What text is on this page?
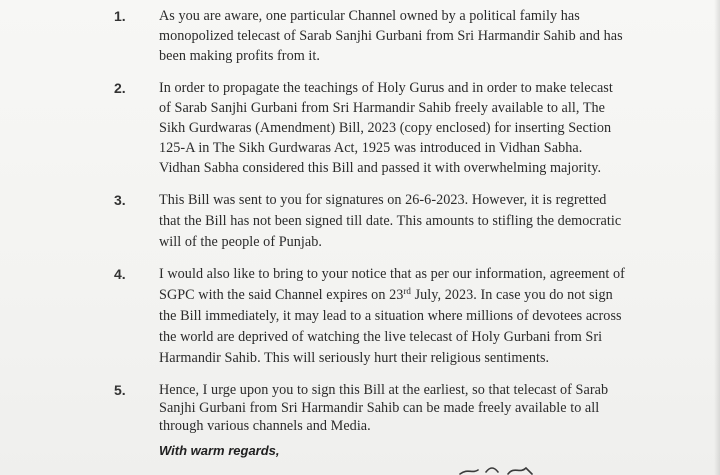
1. As you are aware, one particular Channel owned by a political family has
monopolized telecast of Sarab Sanjhi Gurbani from Sri Harmandir Sahib and has
been making profits from it.
2. In order to propagate the teachings of Holy Gurus and in order to make telecast
of Sarab Sanjhi Gurbani from Sri Harmandir Sahib freely available to all, The
Sikh Gurdwaras (Amendment) Bill, 2023 (copy enclosed) for inserting Section
125-A in The Sikh Gurdwaras Act, 1925 was introduced in Vidhan Sabha.
Vidhan Sabha considered this Bill and passed it with overwhelming majority.
3. This Bill was sent to you for signatures on 26-6-2023. However, it is regretted
that the Bill has not been signed till date. This amounts to stifling the democratic
will of the people of Punjab.
4. I would also like to bring to your notice that as per our information, agreement of
SGPC with the said Channel expires on 23rd July, 2023. In case you do not sign
the Bill immediately, it may lead to a situation where millions of devotees across
the world are deprived of watching the live telecast of Holy Gurbani from Sri
Harmandir Sahib. This will seriously hurt their religious sentiments.
5. Hence, I urge upon you to sign this Bill at the earliest, so that telecast of Sarab
Sanjhi Gurbani from Sri Harmandir Sahib can be made freely available to all
through various channels and Media.
With warm regards,
